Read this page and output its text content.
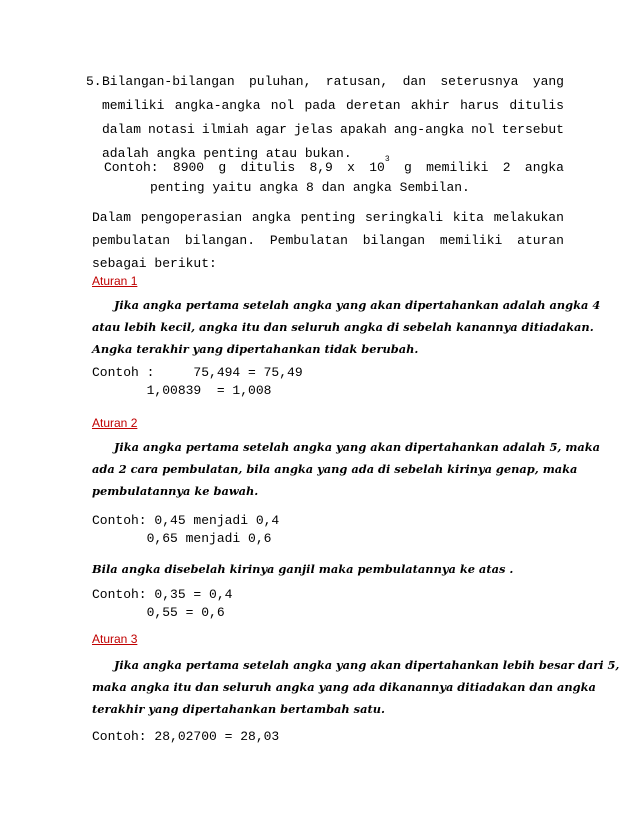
5.Bilangan-bilangan puluhan, ratusan, dan seterusnya yang
memiliki angka-angka nol pada deretan akhir harus ditulis
dalam notasi ilmiah agar jelas apakah ang-angka nol tersebut
adalah angka penting atau bukan.
Contoh: 8900 g ditulis 8,9 x $10^3$
g memiliki 2 angka
penting yaitu angka 8 dan angka Sembilan.
Dalam pengoperasian angka penting seringkali kita melakukan
pembulatan bilangan. Pembulatan bilangan memiliki aturan
sebagai berikut:
Aturan 1
Jika angka pertama setelah angka yang akan dipertahankan adalah angka 4
atau lebih kecil, angka itu dan seluruh angka di sebelah kanannya ditiadakan.
Angka terakhir yang dipertahankan tidak berubah.
Contoh :     75,494 = 75,49
1,00839  = 1,008
Aturan 2
Jika angka pertama setelah angka yang akan dipertahankan adalah 5, maka
ada 2 cara pembulatan, bila angka yang ada di sebelah kirinya genap, maka
pembulatannya ke bawah.
Contoh: 0,45 menjadi 0,4
0,65 menjadi 0,6
Bila angka disebelah kirinya ganjil maka pembulatannya ke atas .
Contoh: 0,35 = 0,4
0,55 = 0,6
Aturan 3
Jika angka pertama setelah angka yang akan dipertahankan lebih besar dari 5,
maka angka itu dan seluruh angka yang ada dikanannya ditiadakan dan angka
terakhir yang dipertahankan bertambah satu.
Contoh: 28,02700 = 28,03
